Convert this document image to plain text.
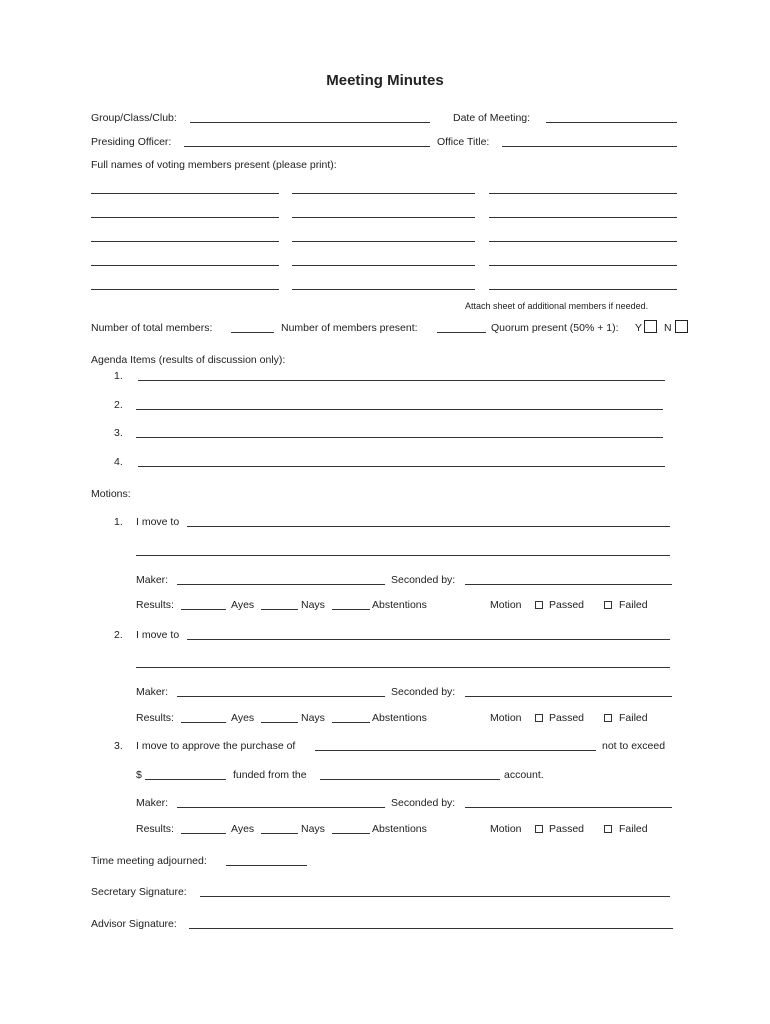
Meeting Minutes
Group/Class/Club:	Date of Meeting:
Presiding Officer:	Office Title:
Full names of voting members present (please print):
Attach sheet of additional members if needed.
Number of total members:	Number of members present:	Quorum present (50% + 1): Y N
Agenda Items (results of discussion only):
1.
2.
3.
4.
Motions:
1. I move to
Maker:	Seconded by:
Results:	Ayes	Nays	Abstentions	Motion	Passed	Failed
2. I move to
Maker:	Seconded by:
Results:	Ayes	Nays	Abstentions	Motion	Passed	Failed
3. I move to approve the purchase of	not to exceed
$	funded from the	account.
Maker:	Seconded by:
Results:	Ayes	Nays	Abstentions	Motion	Passed	Failed
Time meeting adjourned:
Secretary Signature:
Advisor Signature:
